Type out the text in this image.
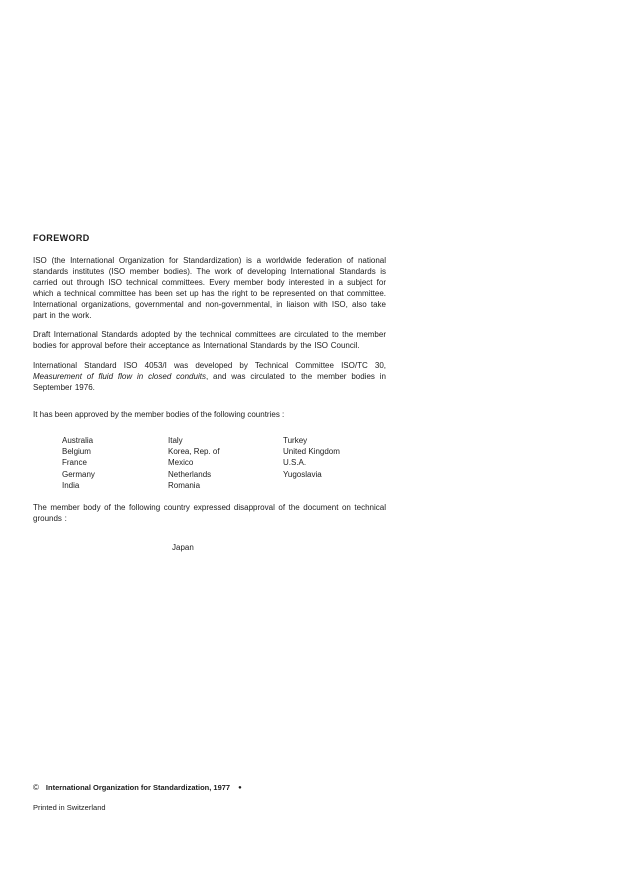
FOREWORD

ISO (the International Organization for Standardization) is a worldwide federation of national standards institutes (ISO member bodies). The work of developing International Standards is carried out through ISO technical committees. Every member body interested in a subject for which a technical committee has been set up has the right to be represented on that committee. International organizations, governmental and non-governmental, in liaison with ISO, also take part in the work.

Draft International Standards adopted by the technical committees are circulated to the member bodies for approval before their acceptance as International Standards by the ISO Council.

International Standard ISO 4053/I was developed by Technical Committee ISO/TC 30, Measurement of fluid flow in closed conduits, and was circulated to the member bodies in September 1976.

It has been approved by the member bodies of the following countries :
Australia
Belgium
France
Germany
India
Italy
Korea, Rep. of
Mexico
Netherlands
Romania
Turkey
United Kingdom
U.S.A.
Yugoslavia

The member body of the following country expressed disapproval of the document on technical grounds :

Japan
© International Organization for Standardization, 1977 ●
Printed in Switzerland
